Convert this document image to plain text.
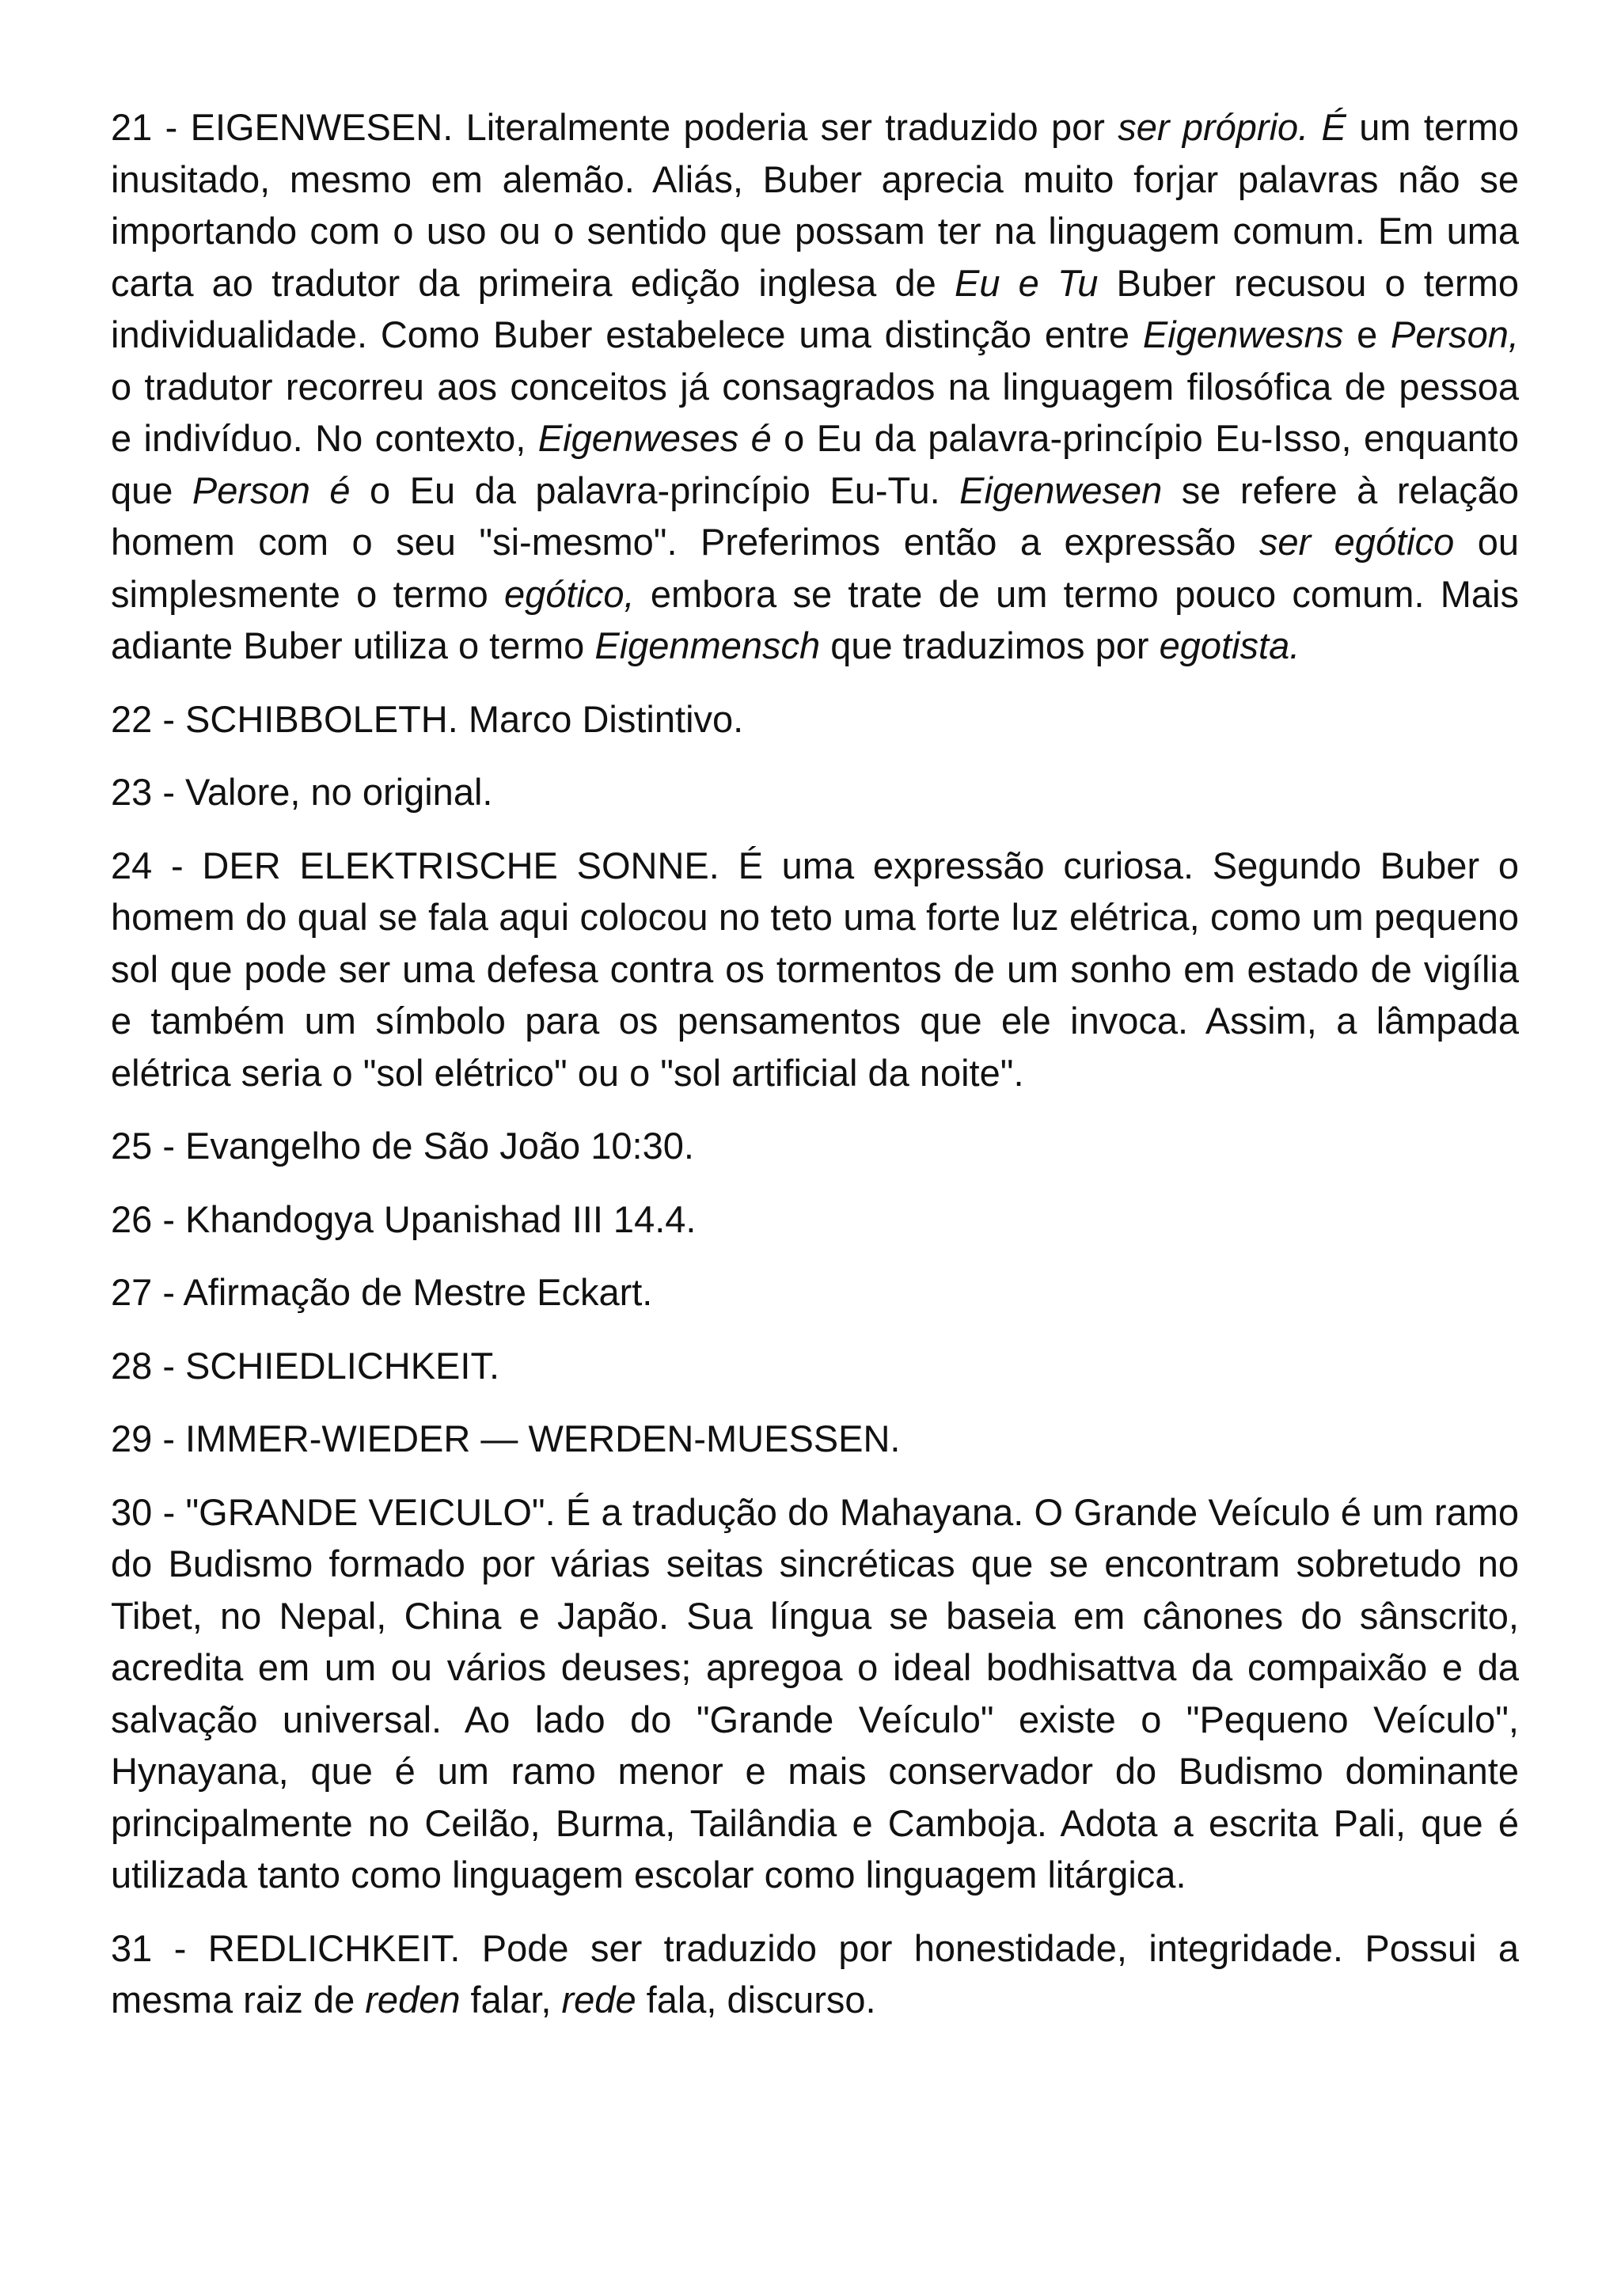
21 - EIGENWESEN. Literalmente poderia ser traduzido por ser próprio. É um termo inusitado, mesmo em alemão. Aliás, Buber aprecia muito forjar palavras não se importando com o uso ou o sentido que possam ter na linguagem comum. Em uma carta ao tradutor da primeira edição inglesa de Eu e Tu Buber recusou o termo individualidade. Como Buber estabelece uma distinção entre Eigenwesns e Person, o tradutor recorreu aos conceitos já consagrados na linguagem filosófica de pessoa e indivíduo. No contexto, Eigenweses é o Eu da palavra-princípio Eu-Isso, enquanto que Person é o Eu da palavra-princípio Eu-Tu. Eigenwesen se refere à relação homem com o seu "si-mesmo". Preferimos então a expressão ser egótico ou simplesmente o termo egótico, embora se trate de um termo pouco comum. Mais adiante Buber utiliza o termo Eigenmensch que traduzimos por egotista.

22 - SCHIBBOLETH. Marco Distintivo.

23 - Valore, no original.

24 - DER ELEKTRISCHE SONNE. É uma expressão curiosa. Segundo Buber o homem do qual se fala aqui colocou no teto uma forte luz elétrica, como um pequeno sol que pode ser uma defesa contra os tormentos de um sonho em estado de vigília e também um símbolo para os pensamentos que ele invoca. Assim, a lâmpada elétrica seria o "sol elétrico" ou o "sol artificial da noite".

25 - Evangelho de São João 10:30.

26 - Khandogya Upanishad III 14.4.

27 - Afirmação de Mestre Eckart.

28 - SCHIEDLICHKEIT.

29 - IMMER-WIEDER — WERDEN-MUESSEN.

30 - "GRANDE VEICULO". É a tradução do Mahayana. O Grande Veículo é um ramo do Budismo formado por várias seitas sincréticas que se encontram sobretudo no Tibet, no Nepal, China e Japão. Sua língua se baseia em cânones do sânscrito, acredita em um ou vários deuses; apregoa o ideal bodhisattva da compaixão e da salvação universal. Ao lado do "Grande Veículo" existe o "Pequeno Veículo", Hynayana, que é um ramo menor e mais conservador do Budismo dominante principalmente no Ceilão, Burma, Tailândia e Camboja. Adota a escrita Pali, que é utilizada tanto como linguagem escolar como linguagem litárgica.

31 - REDLICHKEIT. Pode ser traduzido por honestidade, integridade. Possui a mesma raiz de reden falar, rede fala, discurso.
